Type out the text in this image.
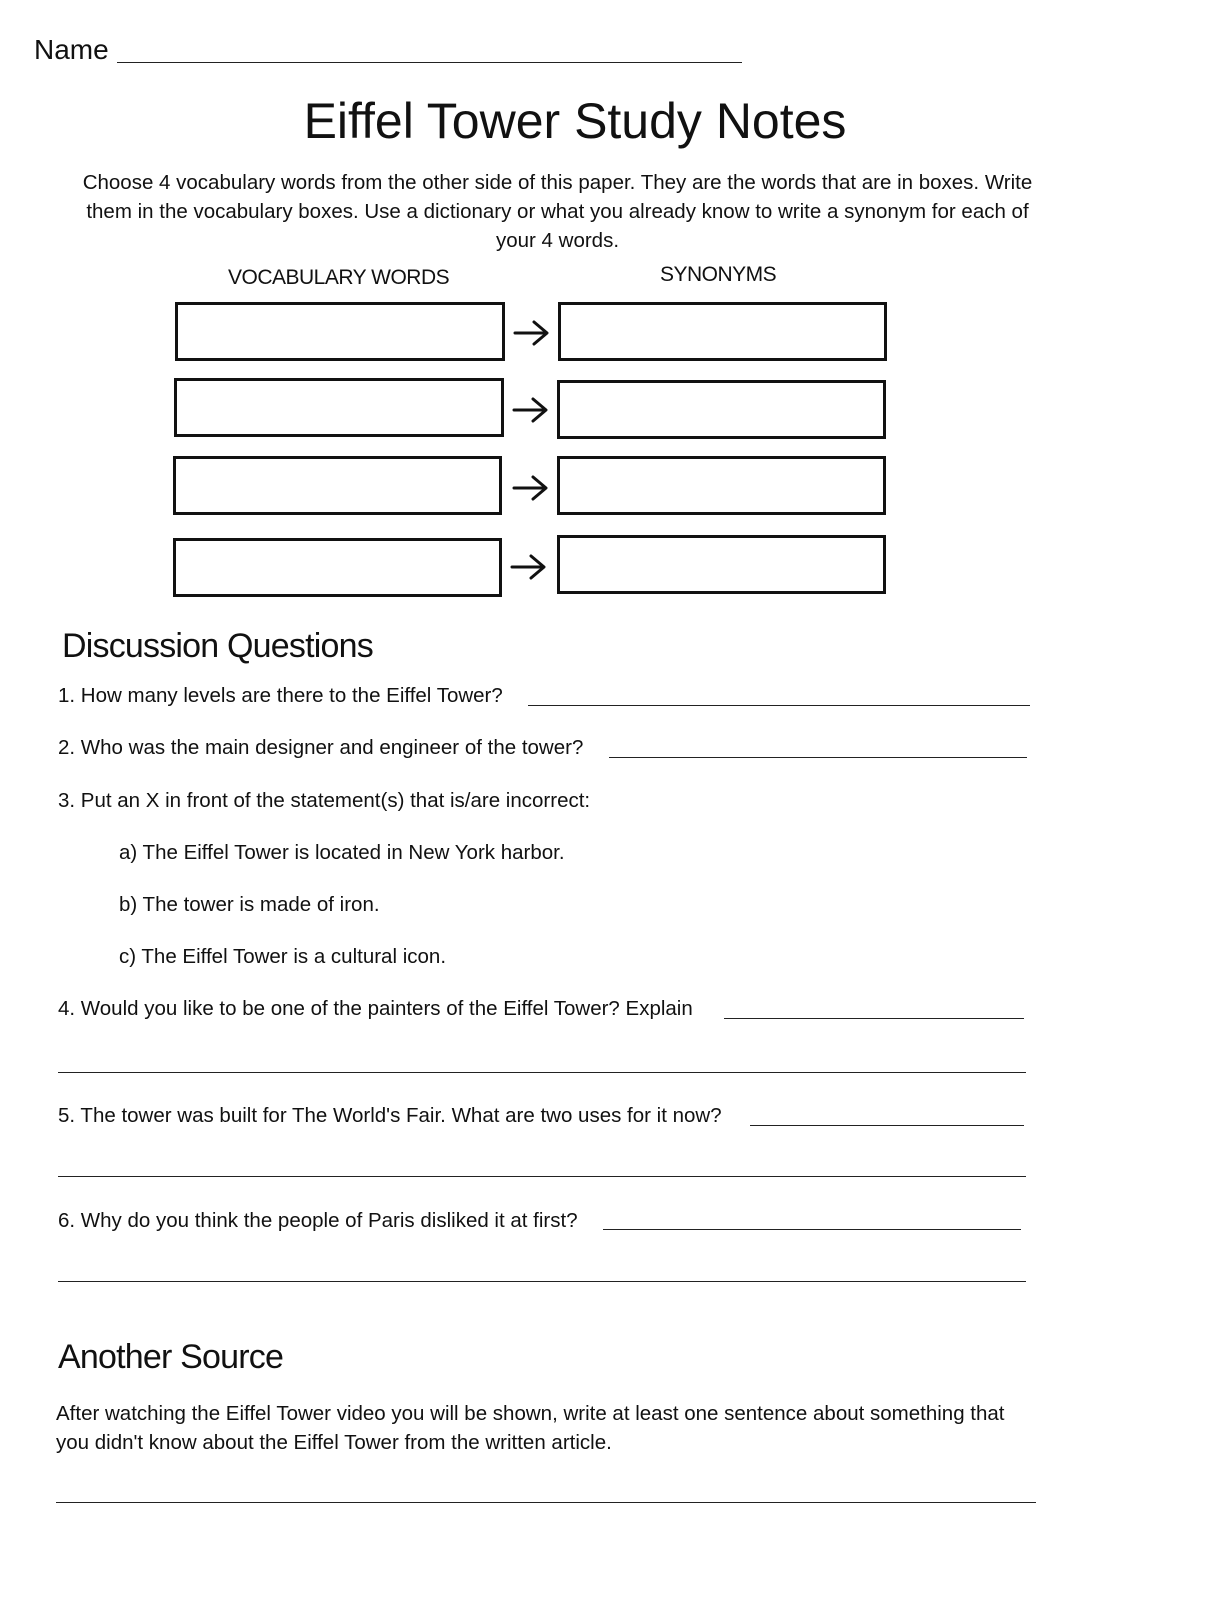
Name
Eiffel Tower Study Notes
Choose 4 vocabulary words from the other side of this paper. They are the words that are in boxes. Write them in the vocabulary boxes. Use a dictionary or what you already know to write a synonym for each of your 4 words.
VOCABULARY WORDS	SYNONYMS
Discussion Questions
1. How many levels are there to the Eiffel Tower?
2. Who was the main designer and engineer of the tower?
3. Put an X in front of the statement(s) that is/are incorrect:
a) The Eiffel Tower is located in New York harbor.
b) The tower is made of iron.
c) The Eiffel Tower is a cultural icon.
4. Would you like to be one of the painters of the Eiffel Tower? Explain
5. The tower was built for The World's Fair. What are two uses for it now?
6. Why do you think the people of Paris disliked it at first?
Another Source
After watching the Eiffel Tower video you will be shown, write at least one sentence about something that you didn't know about the Eiffel Tower from the written article.
